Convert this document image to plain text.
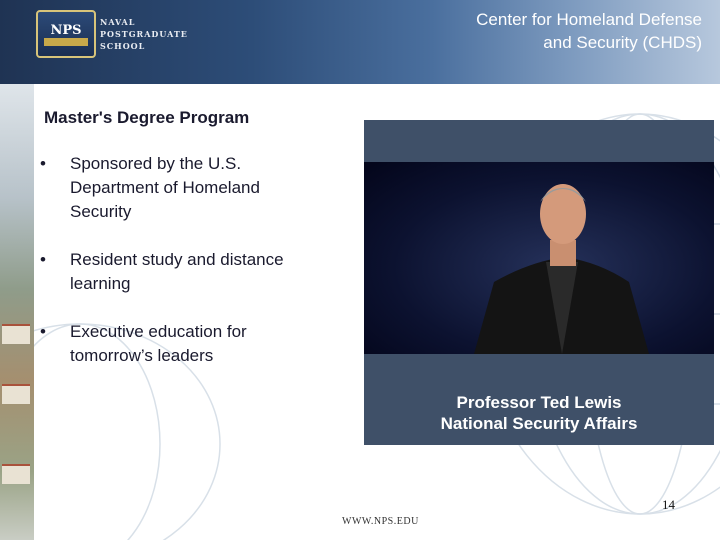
NPS
NAVAL
POSTGRADUATE
SCHOOL
Center for Homeland Defense
and Security (CHDS)
Master's Degree Program
• Sponsored by the U.S.
Department of Homeland
Security
• Resident study and distance
learning
• Executive education for
tomorrow’s leaders
Professor Ted Lewis
National Security Affairs
14
WWW.NPS.EDU
